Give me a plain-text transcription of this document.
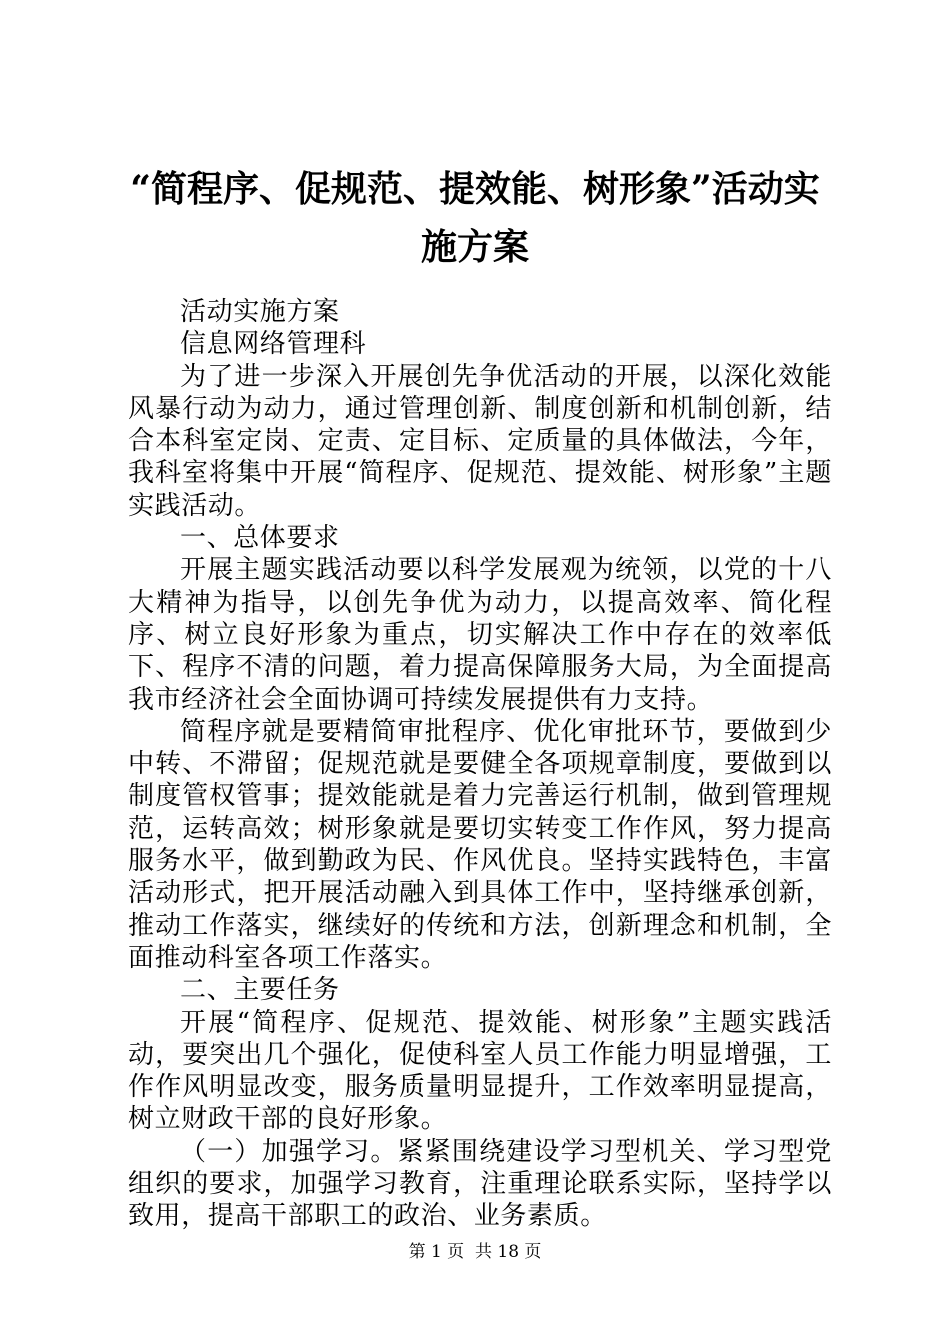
“简程序、促规范、提效能、树形象”活动实施方案

活动实施方案

信息网络管理科

为了进一步深入开展创先争优活动的开展，以深化效能风暴行动为动力，通过管理创新、制度创新和机制创新，结合本科室定岗、定责、定目标、定质量的具体做法，今年，我科室将集中开展“简程序、促规范、提效能、树形象”主题实践活动。

一、总体要求

开展主题实践活动要以科学发展观为统领，以党的十八大精神为指导，以创先争优为动力，以提高效率、简化程序、树立良好形象为重点，切实解决工作中存在的效率低下、程序不清的问题，着力提高保障服务大局，为全面提高我市经济社会全面协调可持续发展提供有力支持。

简程序就是要精简审批程序、优化审批环节，要做到少中转、不滞留；促规范就是要健全各项规章制度，要做到以制度管权管事；提效能就是着力完善运行机制，做到管理规范，运转高效；树形象就是要切实转变工作作风，努力提高服务水平，做到勤政为民、作风优良。坚持实践特色，丰富活动形式，把开展活动融入到具体工作中，坚持继承创新，推动工作落实，继续好的传统和方法，创新理念和机制，全面推动科室各项工作落实。

二、主要任务

开展“简程序、促规范、提效能、树形象”主题实践活动，要突出几个强化，促使科室人员工作能力明显增强，工作作风明显改变，服务质量明显提升，工作效率明显提高，树立财政干部的良好形象。

（一）加强学习。紧紧围绕建设学习型机关、学习型党组织的要求，加强学习教育，注重理论联系实际，坚持学以致用，提高干部职工的政治、业务素质。

第 1 页  共 18 页
